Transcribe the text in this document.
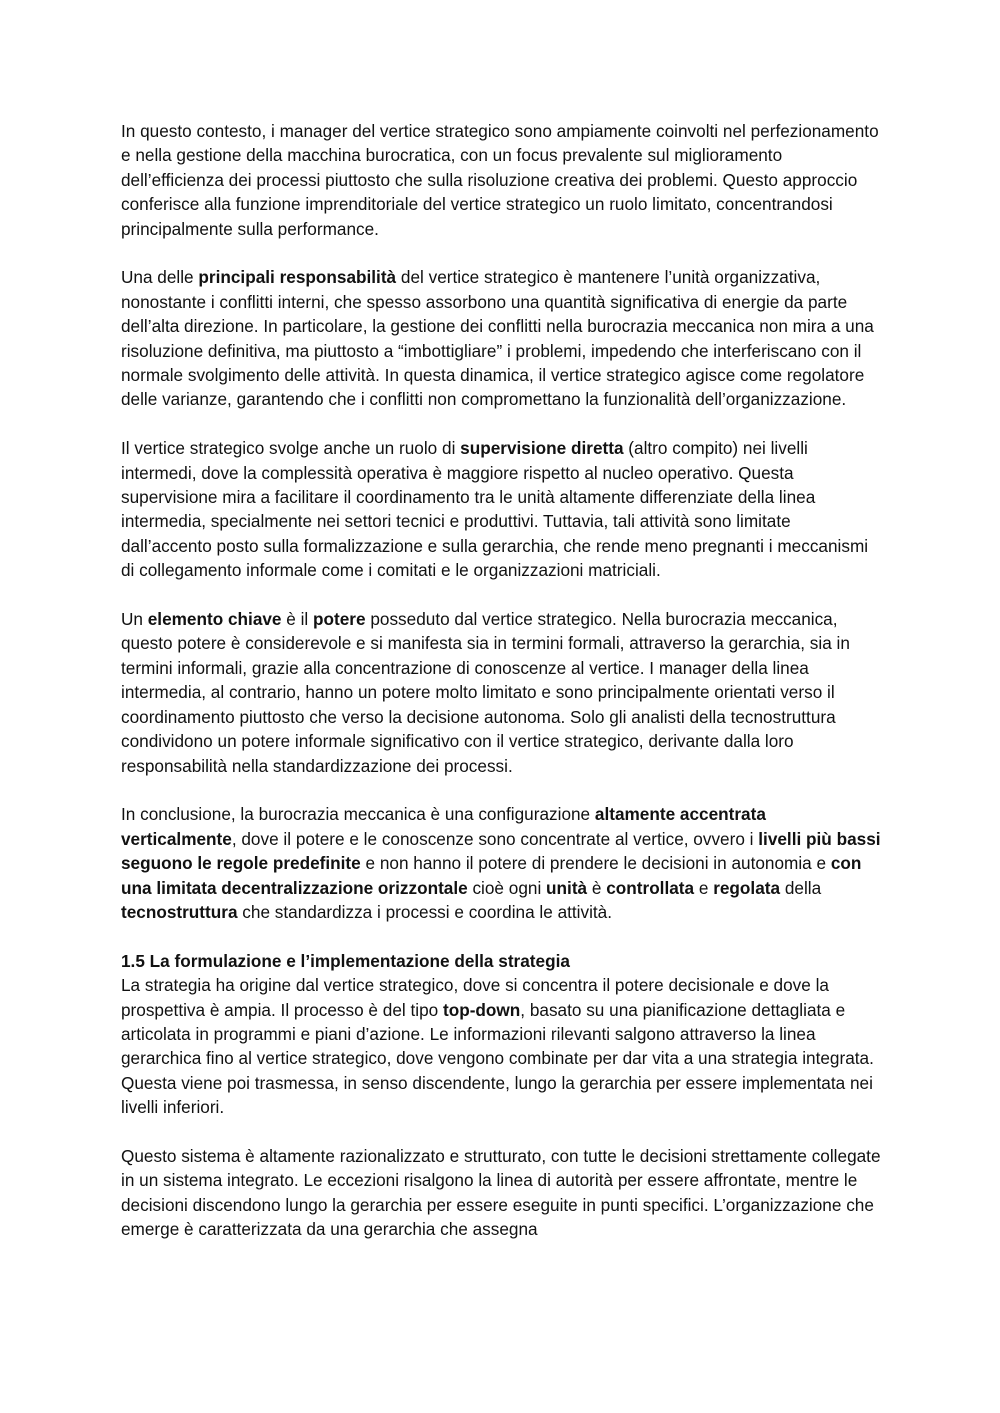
In questo contesto, i manager del vertice strategico sono ampiamente coinvolti nel perfezionamento e nella gestione della macchina burocratica, con un focus prevalente sul miglioramento dell’efficienza dei processi piuttosto che sulla risoluzione creativa dei problemi. Questo approccio conferisce alla funzione imprenditoriale del vertice strategico un ruolo limitato, concentrandosi principalmente sulla performance.

Una delle principali responsabilità del vertice strategico è mantenere l’unità organizzativa, nonostante i conflitti interni, che spesso assorbono una quantità significativa di energie da parte dell’alta direzione. In particolare, la gestione dei conflitti nella burocrazia meccanica non mira a una risoluzione definitiva, ma piuttosto a “imbottigliare” i problemi, impedendo che interferiscano con il normale svolgimento delle attività. In questa dinamica, il vertice strategico agisce come regolatore delle varianze, garantendo che i conflitti non compromettano la funzionalità dell’organizzazione.

Il vertice strategico svolge anche un ruolo di supervisione diretta (altro compito) nei livelli intermedi, dove la complessità operativa è maggiore rispetto al nucleo operativo. Questa supervisione mira a facilitare il coordinamento tra le unità altamente differenziate della linea intermedia, specialmente nei settori tecnici e produttivi. Tuttavia, tali attività sono limitate dall’accento posto sulla formalizzazione e sulla gerarchia, che rende meno pregnanti i meccanismi di collegamento informale come i comitati e le organizzazioni matriciali.

Un elemento chiave è il potere posseduto dal vertice strategico. Nella burocrazia meccanica, questo potere è considerevole e si manifesta sia in termini formali, attraverso la gerarchia, sia in termini informali, grazie alla concentrazione di conoscenze al vertice. I manager della linea intermedia, al contrario, hanno un potere molto limitato e sono principalmente orientati verso il coordinamento piuttosto che verso la decisione autonoma. Solo gli analisti della tecnostruttura condividono un potere informale significativo con il vertice strategico, derivante dalla loro responsabilità nella standardizzazione dei processi.

In conclusione, la burocrazia meccanica è una configurazione altamente accentrata verticalmente, dove il potere e le conoscenze sono concentrate al vertice, ovvero i livelli più bassi seguono le regole predefinite e non hanno il potere di prendere le decisioni in autonomia e con una limitata decentralizzazione orizzontale cioè ogni unità è controllata e regolata della tecnostruttura che standardizza i processi e coordina le attività.

1.5 La formulazione e l’implementazione della strategia

La strategia ha origine dal vertice strategico, dove si concentra il potere decisionale e dove la prospettiva è ampia. Il processo è del tipo top-down, basato su una pianificazione dettagliata e articolata in programmi e piani d’azione. Le informazioni rilevanti salgono attraverso la linea gerarchica fino al vertice strategico, dove vengono combinate per dar vita a una strategia integrata. Questa viene poi trasmessa, in senso discendente, lungo la gerarchia per essere implementata nei livelli inferiori.

Questo sistema è altamente razionalizzato e strutturato, con tutte le decisioni strettamente collegate in un sistema integrato. Le eccezioni risalgono la linea di autorità per essere affrontate, mentre le decisioni discendono lungo la gerarchia per essere eseguite in punti specifici. L’organizzazione che emerge è caratterizzata da una gerarchia che assegna
